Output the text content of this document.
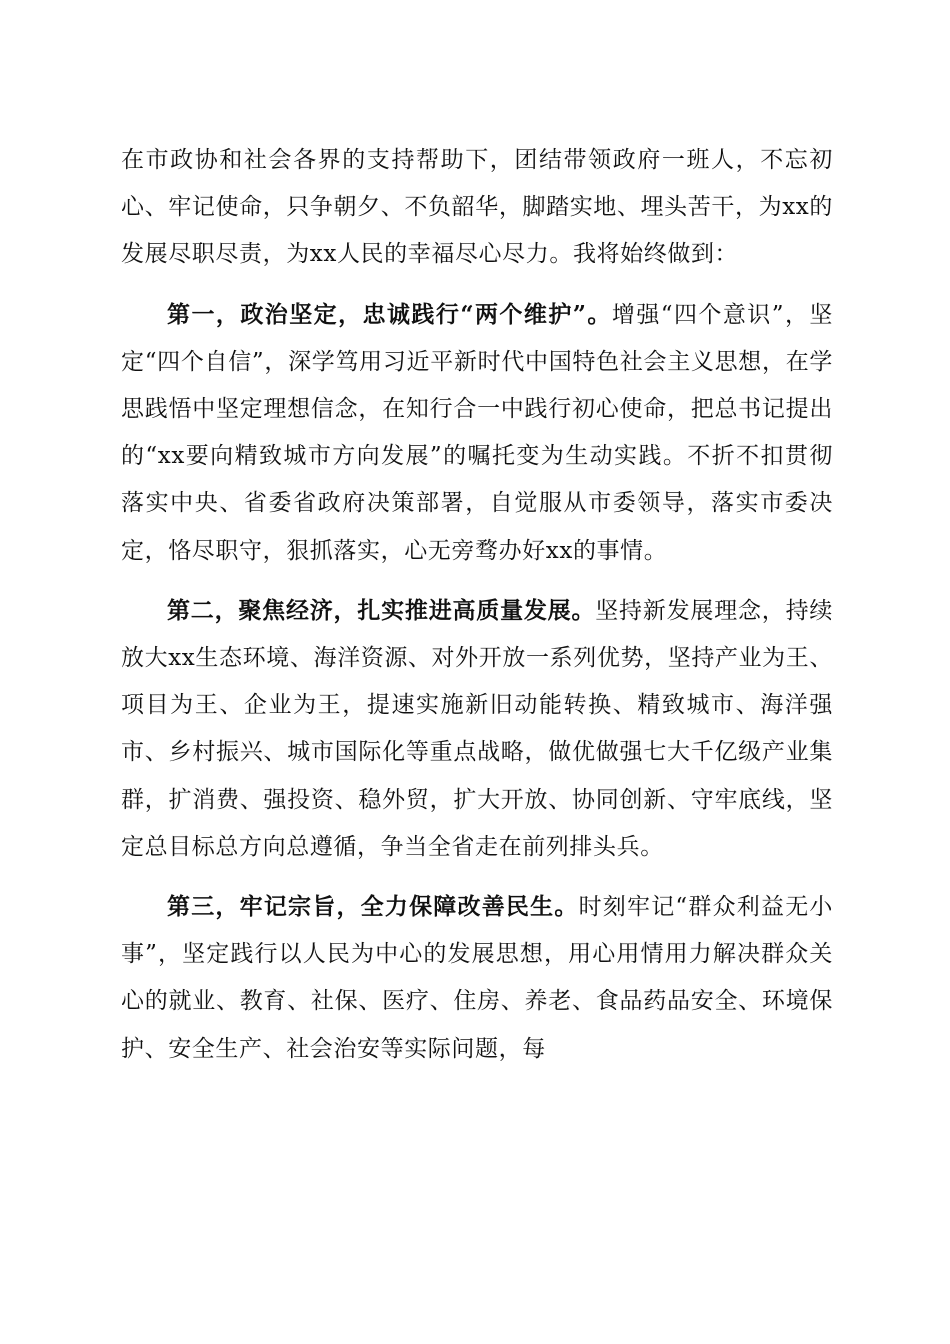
在市政协和社会各界的支持帮助下，团结带领政府一班人，不忘初心、牢记使命，只争朝夕、不负韶华，脚踏实地、埋头苦干，为xx的发展尽职尽责，为xx人民的幸福尽心尽力。我将始终做到：

第一，政治坚定，忠诚践行“两个维护”。增强“四个意识”，坚定“四个自信”，深学笃用习近平新时代中国特色社会主义思想，在学思践悟中坚定理想信念，在知行合一中践行初心使命，把总书记提出的“xx要向精致城市方向发展”的嘱托变为生动实践。不折不扣贯彻落实中央、省委省政府决策部署，自觉服从市委领导，落实市委决定，恪尽职守，狠抓落实，心无旁骛办好xx的事情。

第二，聚焦经济，扎实推进高质量发展。坚持新发展理念，持续放大xx生态环境、海洋资源、对外开放一系列优势，坚持产业为王、项目为王、企业为王，提速实施新旧动能转换、精致城市、海洋强市、乡村振兴、城市国际化等重点战略，做优做强七大千亿级产业集群，扩消费、强投资、稳外贸，扩大开放、协同创新、守牢底线，坚定总目标总方向总遵循，争当全省走在前列排头兵。

第三，牢记宗旨，全力保障改善民生。时刻牢记“群众利益无小事”，坚定践行以人民为中心的发展思想，用心用情用力解决群众关心的就业、教育、社保、医疗、住房、养老、食品药品安全、环境保护、安全生产、社会治安等实际问题，每
